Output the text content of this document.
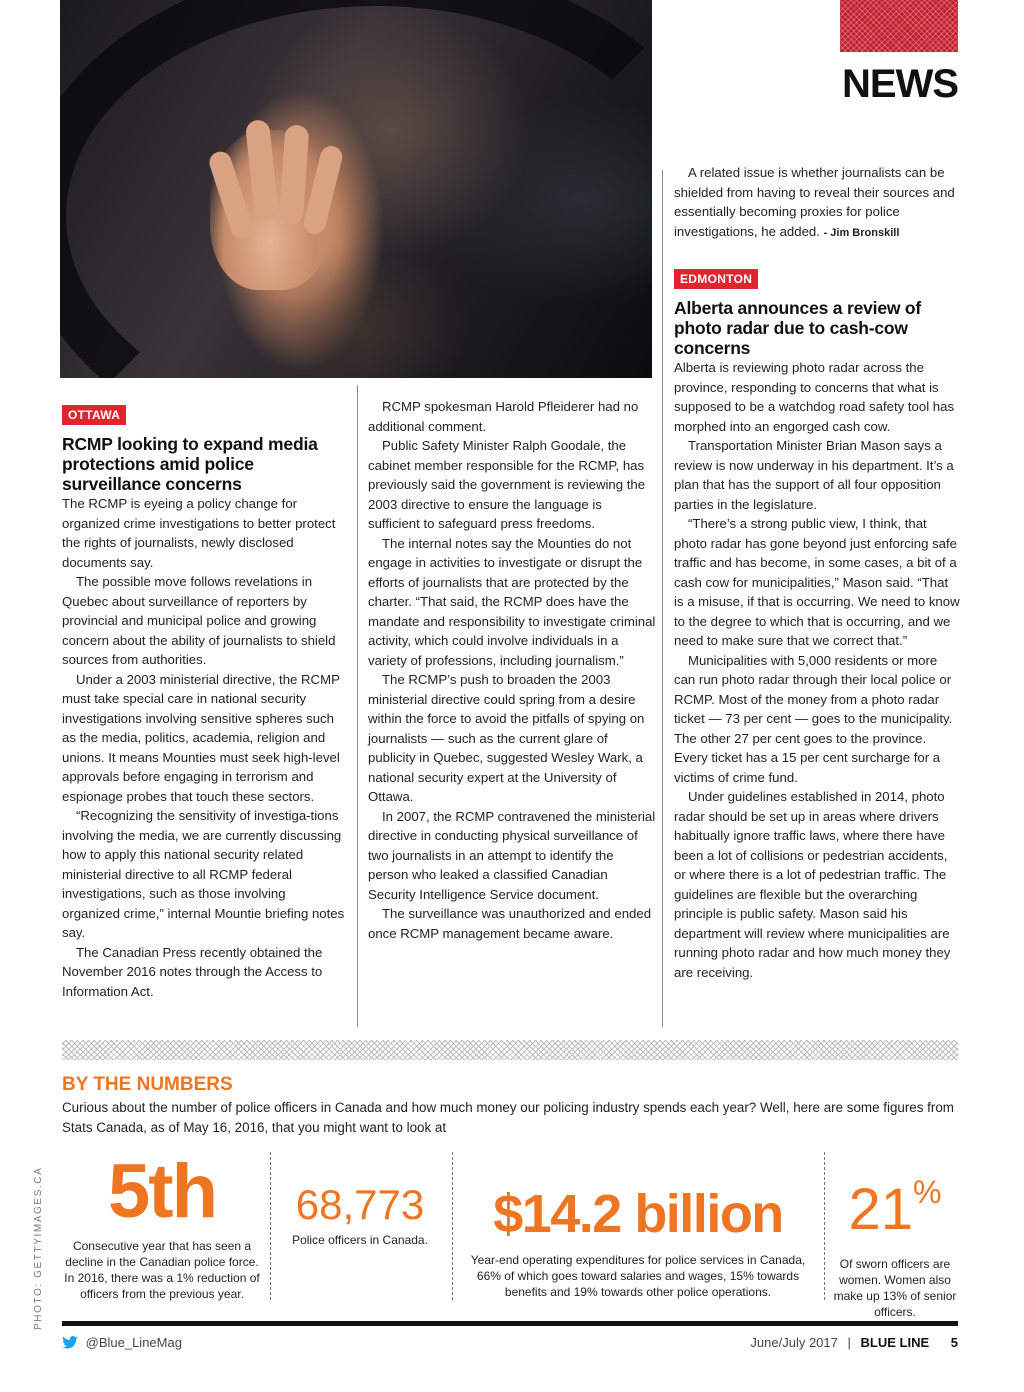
NEWS
OTTAWA
RCMP looking to expand media protections amid police surveillance concerns

The RCMP is eyeing a policy change for organized crime investigations to better protect the rights of journalists, newly disclosed documents say.

The possible move follows revelations in Quebec about surveillance of reporters by provincial and municipal police and growing concern about the ability of journalists to shield sources from authorities.

Under a 2003 ministerial directive, the RCMP must take special care in national security investigations involving sensitive spheres such as the media, politics, academia, religion and unions. It means Mounties must seek high-level approvals before engaging in terrorism and espionage probes that touch these sectors.

“Recognizing the sensitivity of investiga-tions involving the media, we are currently discussing how to apply this national security related ministerial directive to all RCMP federal investigations, such as those involving organized crime,” internal Mountie briefing notes say.

The Canadian Press recently obtained the November 2016 notes through the Access to Information Act.

RCMP spokesman Harold Pfleiderer had no additional comment.

Public Safety Minister Ralph Goodale, the cabinet member responsible for the RCMP, has previously said the government is reviewing the 2003 directive to ensure the language is sufficient to safeguard press freedoms.

The internal notes say the Mounties do not engage in activities to investigate or disrupt the efforts of journalists that are protected by the charter. “That said, the RCMP does have the mandate and responsibility to investigate criminal activity, which could involve individuals in a variety of professions, including journalism.”

The RCMP’s push to broaden the 2003 ministerial directive could spring from a desire within the force to avoid the pitfalls of spying on journalists — such as the current glare of publicity in Quebec, suggested Wesley Wark, a national security expert at the University of Ottawa.

In 2007, the RCMP contravened the ministerial directive in conducting physical surveillance of two journalists in an attempt to identify the person who leaked a classified Canadian Security Intelligence Service document.

The surveillance was unauthorized and ended once RCMP management became aware.

A related issue is whether journalists can be shielded from having to reveal their sources and essentially becoming proxies for police investigations, he added. - Jim Bronskill

EDMONTON
Alberta announces a review of photo radar due to cash-cow concerns

Alberta is reviewing photo radar across the province, responding to concerns that what is supposed to be a watchdog road safety tool has morphed into an engorged cash cow.

Transportation Minister Brian Mason says a review is now underway in his department. It’s a plan that has the support of all four opposition parties in the legislature.

“There’s a strong public view, I think, that photo radar has gone beyond just enforcing safe traffic and has become, in some cases, a bit of a cash cow for municipalities,” Mason said. “That is a misuse, if that is occurring. We need to know to the degree to which that is occurring, and we need to make sure that we correct that.”

Municipalities with 5,000 residents or more can run photo radar through their local police or RCMP. Most of the money from a photo radar ticket — 73 per cent — goes to the municipality. The other 27 per cent goes to the province. Every ticket has a 15 per cent surcharge for a victims of crime fund.

Under guidelines established in 2014, photo radar should be set up in areas where drivers habitually ignore traffic laws, where there have been a lot of collisions or pedestrian accidents, or where there is a lot of pedestrian traffic. The guidelines are flexible but the overarching principle is public safety. Mason said his department will review where municipalities are running photo radar and how much money they are receiving.

BY THE NUMBERS
Curious about the number of police officers in Canada and how much money our policing industry spends each year? Well, here are some figures from Stats Canada, as of May 16, 2016, that you might want to look at
5th
Consecutive year that has seen a decline in the Canadian police force. In 2016, there was a 1% reduction of officers from the previous year.
68,773
Police officers in Canada.	$14.2 billion
Year-end operating expenditures for police services in Canada, 66% of which goes toward salaries and wages, 15% towards benefits and 19% towards other police operations.
21%
Of sworn officers are women. Women also make up 13% of senior officers.
PHOTO: GETTYIMAGES.CA
@Blue_LineMag	June/July 2017 | BLUE LINE 5
